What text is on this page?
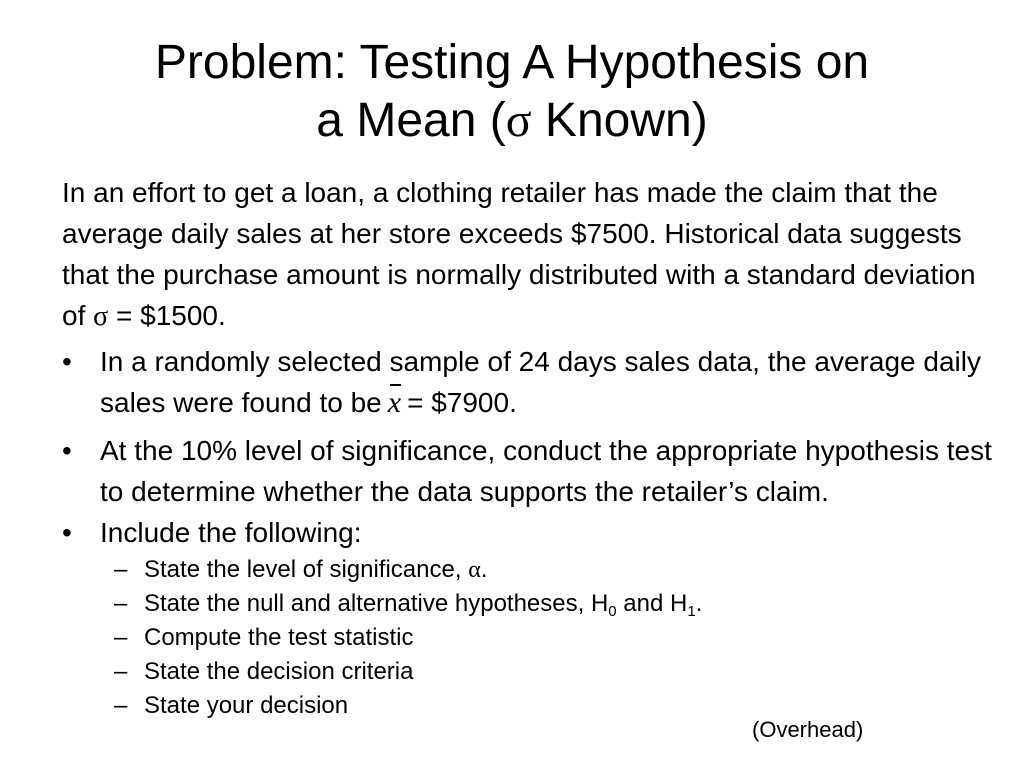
Problem: Testing A Hypothesis on
a Mean (σ Known)
In an effort to get a loan, a clothing retailer has made the claim that the average daily sales at her store exceeds $7500. Historical data suggests that the purchase amount is normally distributed with a standard deviation of σ = $1500.
• In a randomly selected sample of 24 days sales data, the average daily sales were found to be x = $7900.
• At the 10% level of significance, conduct the appropriate hypothesis test to determine whether the data supports the retailer’s claim.
• Include the following:
– State the level of significance, α.
– State the null and alternative hypotheses, $H_0$ and $H_1$.
– Compute the test statistic
– State the decision criteria
– State your decision
(Overhead)
